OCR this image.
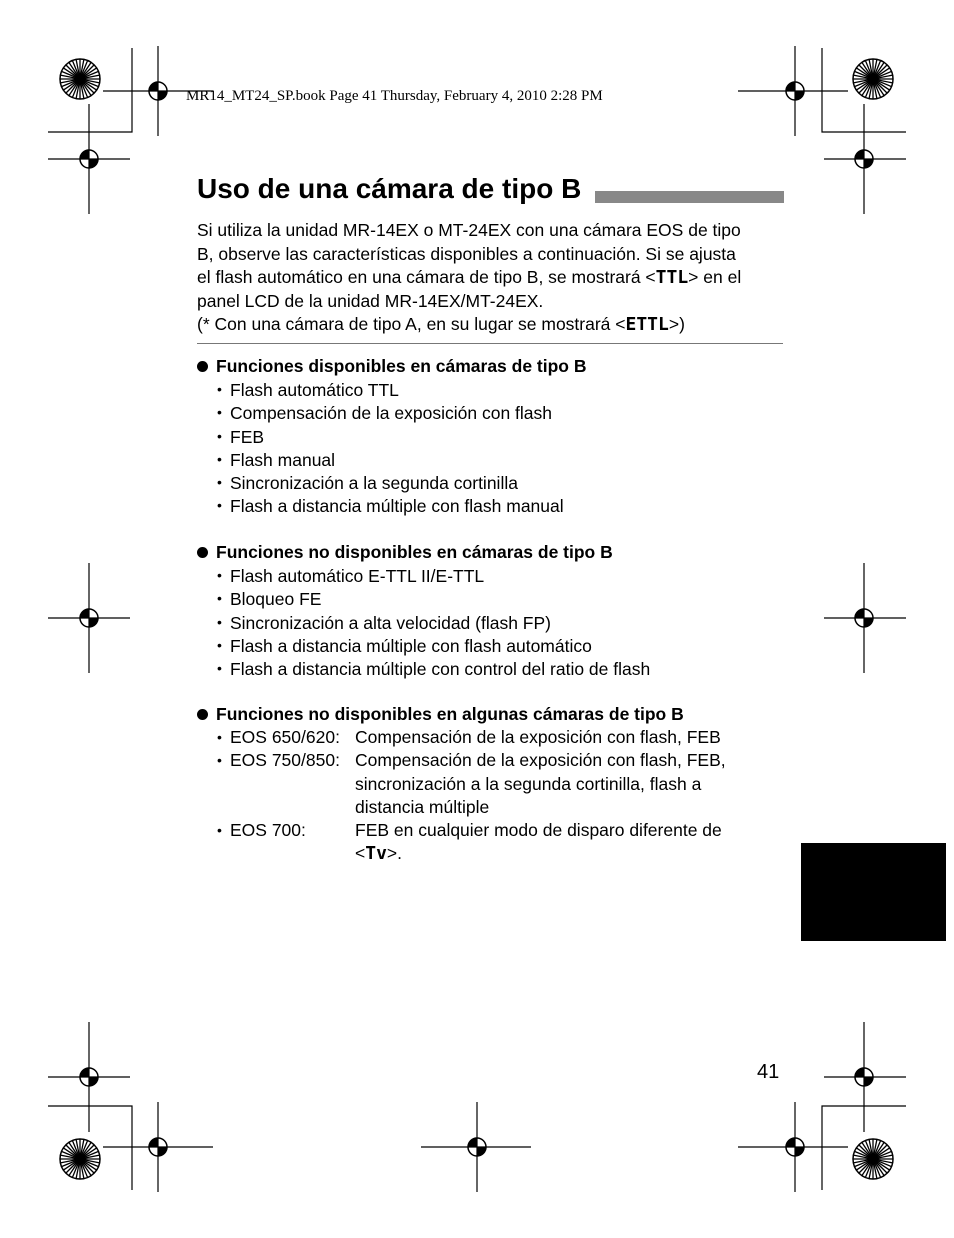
MR14_MT24_SP.book Page 41 Thursday, February 4, 2010 2:28 PM
Uso de una cámara de tipo B
Si utiliza la unidad MR-14EX o MT-24EX con una cámara EOS de tipo
B, observe las características disponibles a continuación. Si se ajusta
el flash automático en una cámara de tipo B, se mostrará <TTL> en el
panel LCD de la unidad MR-14EX/MT-24EX.
(* Con una cámara de tipo A, en su lugar se mostrará <ETTL>)
Funciones disponibles en cámaras de tipo B
• Flash automático TTL
• Compensación de la exposición con flash
• FEB
• Flash manual
• Sincronización a la segunda cortinilla
• Flash a distancia múltiple con flash manual
Funciones no disponibles en cámaras de tipo B
• Flash automático E-TTL II/E-TTL
• Bloqueo FE
• Sincronización a alta velocidad (flash FP)
• Flash a distancia múltiple con flash automático
• Flash a distancia múltiple con control del ratio de flash
Funciones no disponibles en algunas cámaras de tipo B
• EOS 650/620: Compensación de la exposición con flash, FEB
• EOS 750/850: Compensación de la exposición con flash, FEB,
sincronización a la segunda cortinilla, flash a
distancia múltiple
• EOS 700:	FEB en cualquier modo de disparo diferente de
<Tv>.
41
